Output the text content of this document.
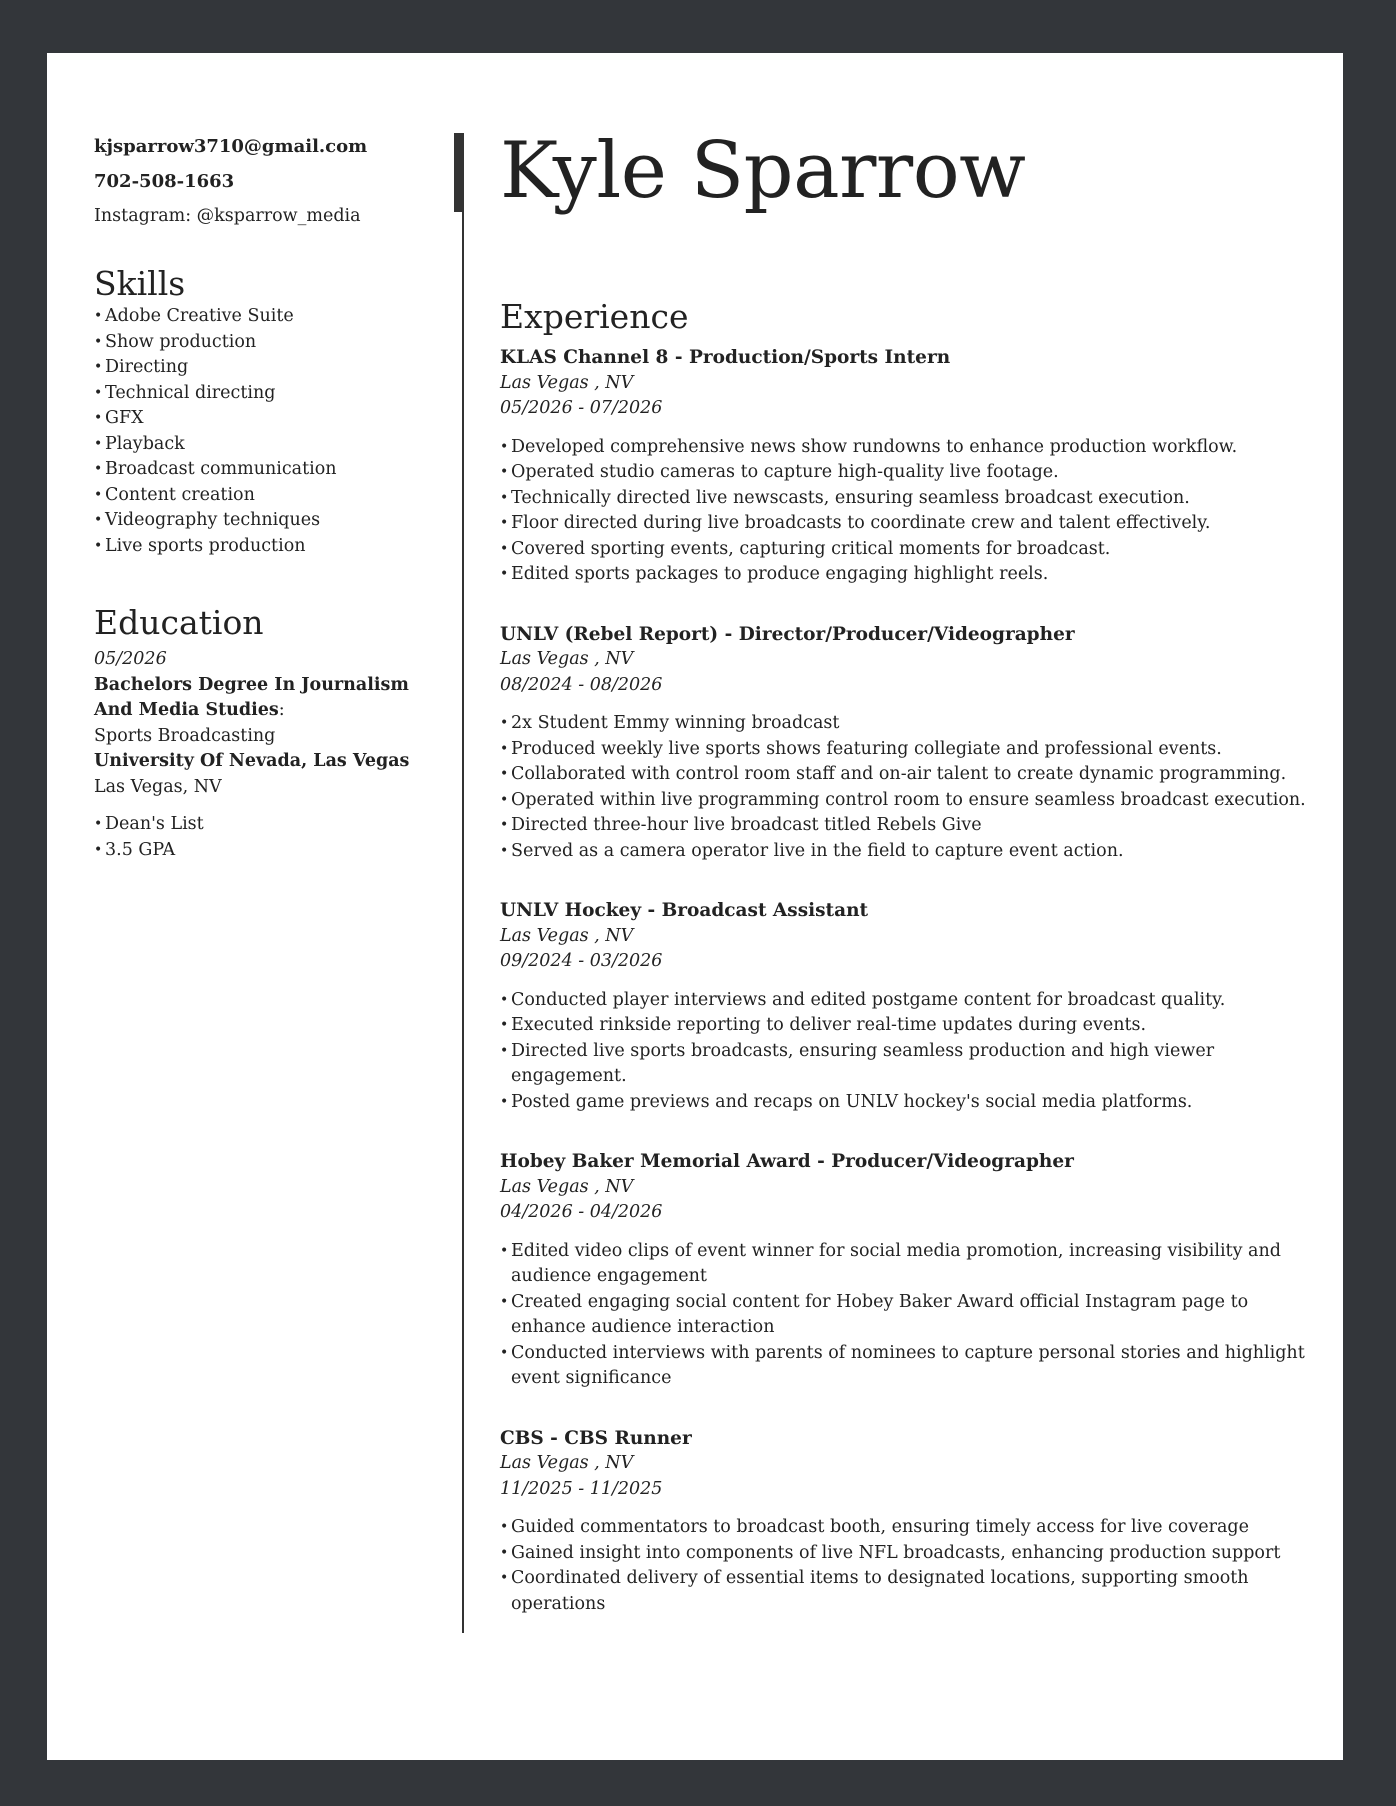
kjsparrow3710@gmail.com

702-508-1663

Instagram: @ksparrow_media

Skills
• Adobe Creative Suite
• Show production
• Directing
• Technical directing
• GFX
• Playback
• Broadcast communication
• Content creation
• Videography techniques
• Live sports production
Education

05/2026

Bachelors Degree In Journalism And Media Studies:

Sports Broadcasting

University Of Nevada, Las Vegas

Las Vegas, NV

• Dean's List
• 3.5 GPA
Kyle Sparrow
Experience

KLAS Channel 8 - Production/Sports Intern

Las Vegas , NV

05/2026 - 07/2026

• Developed comprehensive news show rundowns to enhance production workflow.
• Operated studio cameras to capture high-quality live footage.
• Technically directed live newscasts, ensuring seamless broadcast execution.
• Floor directed during live broadcasts to coordinate crew and talent effectively.
• Covered sporting events, capturing critical moments for broadcast.
• Edited sports packages to produce engaging highlight reels.

UNLV (Rebel Report) - Director/Producer/Videographer

Las Vegas , NV

08/2024 - 08/2026

• 2x Student Emmy winning broadcast
• Produced weekly live sports shows featuring collegiate and professional events.
• Collaborated with control room staff and on-air talent to create dynamic programming.
• Operated within live programming control room to ensure seamless broadcast execution.
• Directed three-hour live broadcast titled Rebels Give
• Served as a camera operator live in the field to capture event action.

UNLV Hockey - Broadcast Assistant

Las Vegas , NV

09/2024 - 03/2026

• Conducted player interviews and edited postgame content for broadcast quality.
• Executed rinkside reporting to deliver real-time updates during events.
• Directed live sports broadcasts, ensuring seamless production and high viewer engagement.
• Posted game previews and recaps on UNLV hockey's social media platforms.

Hobey Baker Memorial Award - Producer/Videographer

Las Vegas , NV

04/2026 - 04/2026

• Edited video clips of event winner for social media promotion, increasing visibility and audience engagement
• Created engaging social content for Hobey Baker Award official Instagram page to enhance audience interaction
• Conducted interviews with parents of nominees to capture personal stories and highlight event significance

CBS - CBS Runner

Las Vegas , NV

11/2025 - 11/2025

• Guided commentators to broadcast booth, ensuring timely access for live coverage
• Gained insight into components of live NFL broadcasts, enhancing production support
• Coordinated delivery of essential items to designated locations, supporting smooth operations
